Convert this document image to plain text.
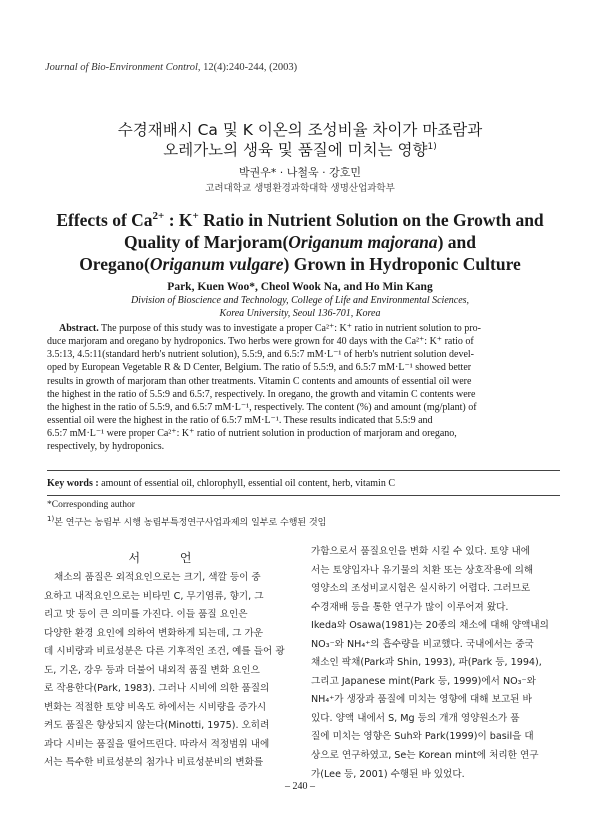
Journal of Bio-Environment Control, 12(4):240-244, (2003)
수경재배시 Ca 및 K 이온의 조성비율 차이가 마죠람과
오레가노의 생육 및 품질에 미치는 영향$^{1)}$
박권우* · 나철욱 · 강호민
고려대학교 생명환경과학대학 생명산업과학부
Effects of $Ca^{2+}$ : K+ Ratio in Nutrient Solution on the Growth and
Quality of Marjoram(Origanum majorana) and
Oregano(Origanum vulgare) Grown in Hydroponic Culture
Park, Kuen Woo*, Cheol Wook Na, and Ho Min Kang
Division of Bioscience and Technology, College of Life and Environmental Sciences,
Korea University, Seoul 136-701, Korea
Abstract. The purpose of this study was to investigate a proper Ca²⁺: K⁺ ratio in nutrient solution to pro-
duce marjoram and oregano by hydroponics. Two herbs were grown for 40 days with the Ca²⁺: K⁺ ratio of
3.5:13, 4.5:11(standard herb's nutrient solution), 5.5:9, and 6.5:7 mM·L⁻¹ of herb's nutrient solution devel-
oped by European Vegetable R & D Center, Belgium. The ratio of 5.5:9, and 6.5:7 mM·L⁻¹ showed better
results in growth of marjoram than other treatments. Vitamin C contents and amounts of essential oil were
the highest in the ratio of 5.5:9 and 6.5:7, respectively. In oregano, the growth and vitamin C contents were
the highest in the ratio of 5.5:9, and 6.5:7 mM·L⁻¹, respectively. The content (%) and amount (mg/plant) of
essential oil were the highest in the ratio of 6.5:7 mM·L⁻¹. These results indicated that 5.5:9 and
6.5:7 mM·L⁻¹ were proper Ca²⁺: K⁺ ratio of nutrient solution in production of marjoram and oregano,
respectively, by hydroponics.
Key words : amount of essential oil, chlorophyll, essential oil content, herb, vitamin C
*Corresponding author
$^{1)}$본 연구는 농림부 시행 농림부특정연구사업과제의 일부로 수행된 것임
서 언

채소의 품질은 외적요인으로는 크기, 색깔 등이 중

요하고 내적요인으로는 비타민 C, 무기염류, 향기, 그

리고 맛 등이 큰 의미를 가진다. 이들 품질 요인은

다양한 환경 요인에 의하여 변화하게 되는데, 그 가운

데 시비량과 비료성분은 다른 기후적인 조건, 예를 들어 광

도, 기온, 강우 등과 더불어 내외적 품질 변화 요인으

로 작용한다(Park, 1983). 그러나 시비에 의한 품질의

변화는 적절한 토양 비옥도 하에서는 시비량을 증가시

켜도 품질은 향상되지 않는다(Minotti, 1975). 오히려

과다 시비는 품질을 떨어뜨린다. 따라서 적정범위 내에

서는 특수한 비료성분의 첨가나 비료성분비의 변화를

가함으로서 품질요인을 변화 시킬 수 있다. 토양 내에

서는 토양입자나 유기물의 치환 또는 상호작용에 의해

영양소의 조성비교시험은 실시하기 어렵다. 그러므로

수경재배 등을 통한 연구가 많이 이루어져 왔다.

Ikeda와 Osawa(1981)는 20종의 채소에 대해 양액내의

NO₃⁻와 NH₄⁺의 흡수량을 비교했다. 국내에서는 중국

채소인 팍채(Park과 Shin, 1993), 파(Park 등, 1994),

그리고 Japanese mint(Park 등, 1999)에서 NO₃⁻와

NH₄⁺가 생장과 품질에 미치는 영향에 대해 보고된 바

있다. 양액 내에서 S, Mg 등의 개개 영양원소가 품

질에 미치는 영향은 Suh와 Park(1999)이 basil을 대

상으로 연구하였고, Se는 Korean mint에 처리한 연구

가(Lee 등, 2001) 수행된 바 있었다.

– 240 –
